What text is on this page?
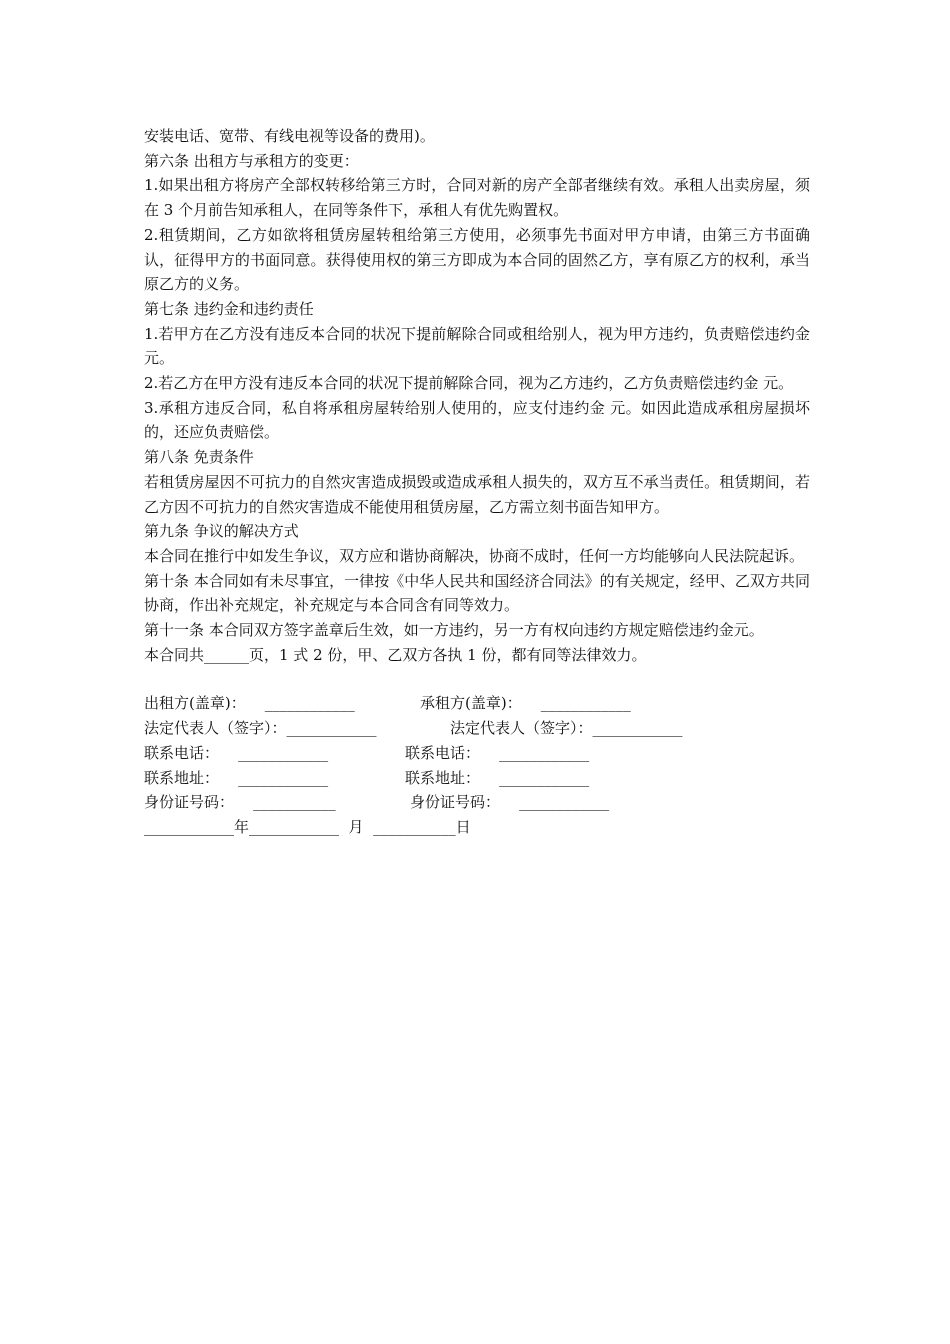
安装电话、宽带、有线电视等设备的费用)。

第六条 出租方与承租方的变更：

1.如果出租方将房产全部权转移给第三方时，合同对新的房产全部者继续有效。承租人出卖房屋，须在 3 个月前告知承租人，在同等条件下，承租人有优先购置权。

2.租赁期间，乙方如欲将租赁房屋转租给第三方使用，必须事先书面对甲方申请，由第三方书面确认，征得甲方的书面同意。获得使用权的第三方即成为本合同的固然乙方，享有原乙方的权利，承当原乙方的义务。

第七条 违约金和违约责任

1.若甲方在乙方没有违反本合同的状况下提前解除合同或租给别人，视为甲方违约，负责赔偿违约金 元。

2.若乙方在甲方没有违反本合同的状况下提前解除合同，视为乙方违约，乙方负责赔偿违约金 元。

3.承租方违反合同，私自将承租房屋转给别人使用的，应支付违约金 元。如因此造成承租房屋损坏的，还应负责赔偿。

第八条 免责条件

若租赁房屋因不可抗力的自然灾害造成损毁或造成承租人损失的，双方互不承当责任。租赁期间，若乙方因不可抗力的自然灾害造成不能使用租赁房屋，乙方需立刻书面告知甲方。

第九条 争议的解决方式

本合同在推行中如发生争议，双方应和谐协商解决，协商不成时，任何一方均能够向人民法院起诉。

第十条 本合同如有未尽事宜，一律按《中华人民共和国经济合同法》的有关规定，经甲、乙双方共同协商，作出补充规定，补充规定与本合同含有同等效力。

第十一条 本合同双方签字盖章后生效，如一方违约，另一方有权向违约方规定赔偿违约金元。

本合同共______页，1 式 2 份，甲、乙双方各执 1 份，都有同等法律效力。

出租方(盖章)：    ____________	承租方(盖章)：    ____________
法定代表人（签字）：____________	法定代表人（签字）：____________
联系电话：    ____________	联系电话：    ____________
联系地址：    ____________	联系地址：    ____________
身份证号码：    ___________	身份证号码：    ____________
____________年____________  月  ___________日
